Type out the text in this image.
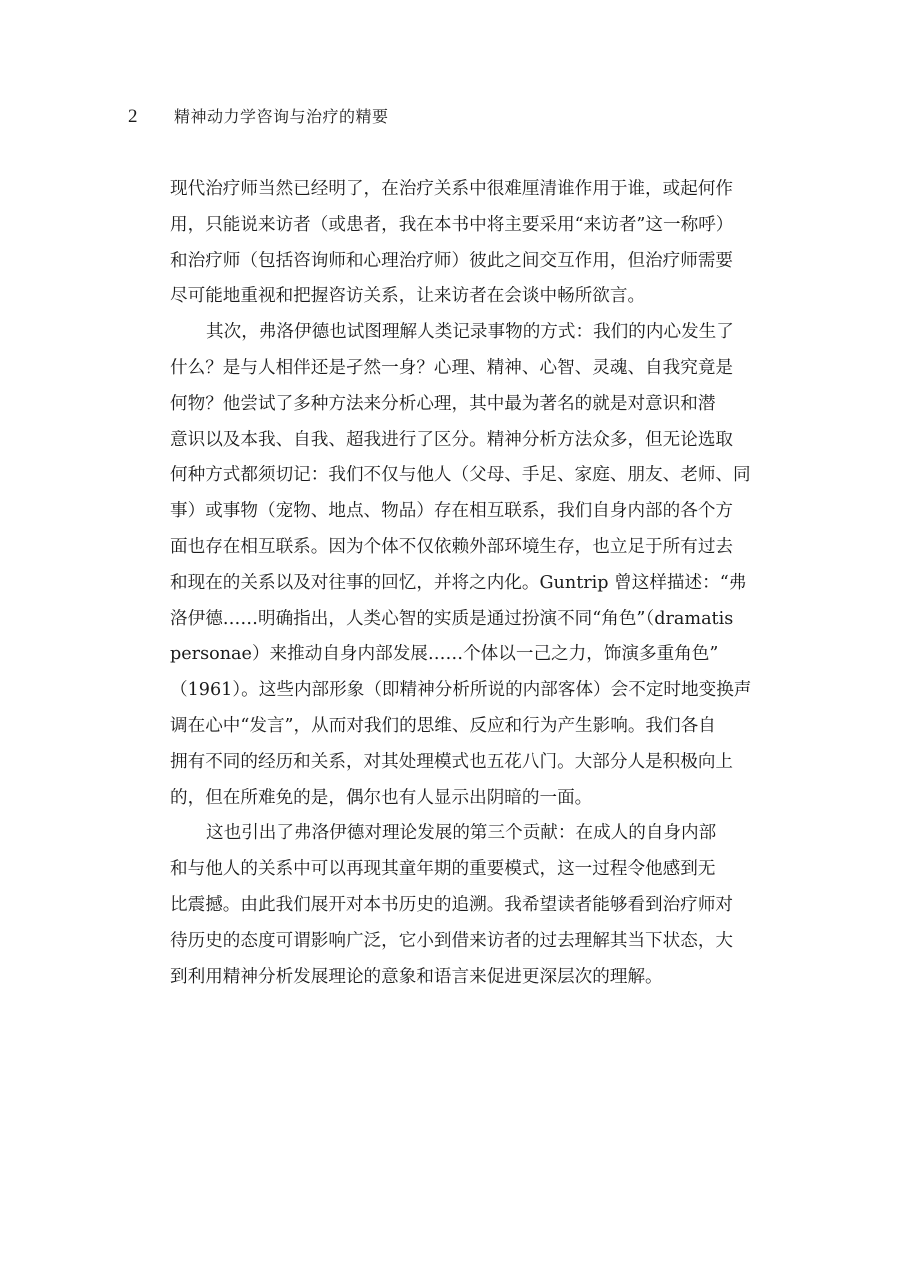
2	精神动力学咨询与治疗的精要
现代治疗师当然已经明了，在治疗关系中很难厘清谁作用于谁，或起何作
用，只能说来访者（或患者，我在本书中将主要采用“来访者”这一称呼）
和治疗师（包括咨询师和心理治疗师）彼此之间交互作用，但治疗师需要
尽可能地重视和把握咨访关系，让来访者在会谈中畅所欲言。
其次，弗洛伊德也试图理解人类记录事物的方式：我们的内心发生了
什么？是与人相伴还是孑然一身？心理、精神、心智、灵魂、自我究竟是
何物？他尝试了多种方法来分析心理，其中最为著名的就是对意识和潜
意识以及本我、自我、超我进行了区分。精神分析方法众多，但无论选取
何种方式都须切记：我们不仅与他人（父母、手足、家庭、朋友、老师、同
事）或事物（宠物、地点、物品）存在相互联系，我们自身内部的各个方
面也存在相互联系。因为个体不仅依赖外部环境生存，也立足于所有过去
和现在的关系以及对往事的回忆，并将之内化。Guntrip 曾这样描述：“弗
洛伊德……明确指出，人类心智的实质是通过扮演不同“角色”（dramatis
personae）来推动自身内部发展……个体以一己之力，饰演多重角色”
（1961）。这些内部形象（即精神分析所说的内部客体）会不定时地变换声
调在心中“发言”，从而对我们的思维、反应和行为产生影响。我们各自
拥有不同的经历和关系，对其处理模式也五花八门。大部分人是积极向上
的，但在所难免的是，偶尔也有人显示出阴暗的一面。
这也引出了弗洛伊德对理论发展的第三个贡献：在成人的自身内部
和与他人的关系中可以再现其童年期的重要模式，这一过程令他感到无
比震撼。由此我们展开对本书历史的追溯。我希望读者能够看到治疗师对
待历史的态度可谓影响广泛，它小到借来访者的过去理解其当下状态，大
到利用精神分析发展理论的意象和语言来促进更深层次的理解。
